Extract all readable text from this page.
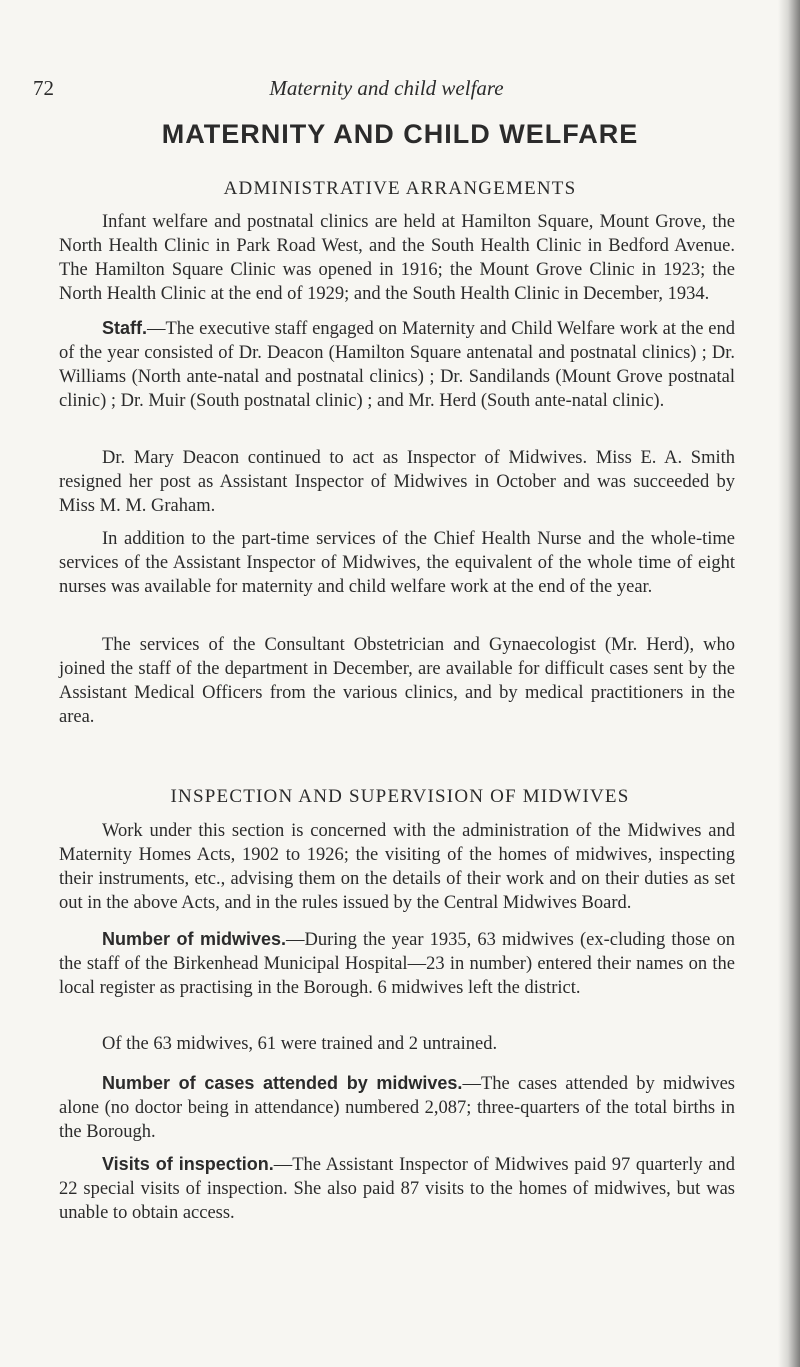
72	Maternity and child welfare
MATERNITY AND CHILD WELFARE
ADMINISTRATIVE ARRANGEMENTS

Infant welfare and postnatal clinics are held at Hamilton Square, Mount Grove, the North Health Clinic in Park Road West, and the South Health Clinic in Bedford Avenue. The Hamilton Square Clinic was opened in 1916; the Mount Grove Clinic in 1923; the North Health Clinic at the end of 1929; and the South Health Clinic in December, 1934.

Staff.—The executive staff engaged on Maternity and Child Welfare work at the end of the year consisted of Dr. Deacon (Hamilton Square antenatal and postnatal clinics) ; Dr. Williams (North ante-natal and postnatal clinics) ; Dr. Sandilands (Mount Grove postnatal clinic) ; Dr. Muir (South postnatal clinic) ; and Mr. Herd (South ante-natal clinic).

Dr. Mary Deacon continued to act as Inspector of Midwives. Miss E. A. Smith resigned her post as Assistant Inspector of Midwives in October and was succeeded by Miss M. M. Graham.

In addition to the part-time services of the Chief Health Nurse and the whole-time services of the Assistant Inspector of Midwives, the equivalent of the whole time of eight nurses was available for maternity and child welfare work at the end of the year.

The services of the Consultant Obstetrician and Gynaecologist (Mr. Herd), who joined the staff of the department in December, are available for difficult cases sent by the Assistant Medical Officers from the various clinics, and by medical practitioners in the area.

INSPECTION AND SUPERVISION OF MIDWIVES

Work under this section is concerned with the administration of the Midwives and Maternity Homes Acts, 1902 to 1926; the visiting of the homes of midwives, inspecting their instruments, etc., advising them on the details of their work and on their duties as set out in the above Acts, and in the rules issued by the Central Midwives Board.

Number of midwives.—During the year 1935, 63 midwives (ex-cluding those on the staff of the Birkenhead Municipal Hospital—23 in number) entered their names on the local register as practising in the Borough. 6 midwives left the district.

Of the 63 midwives, 61 were trained and 2 untrained.

Number of cases attended by midwives.—The cases attended by midwives alone (no doctor being in attendance) numbered 2,087; three-quarters of the total births in the Borough.

Visits of inspection.—The Assistant Inspector of Midwives paid 97 quarterly and 22 special visits of inspection. She also paid 87 visits to the homes of midwives, but was unable to obtain access.
